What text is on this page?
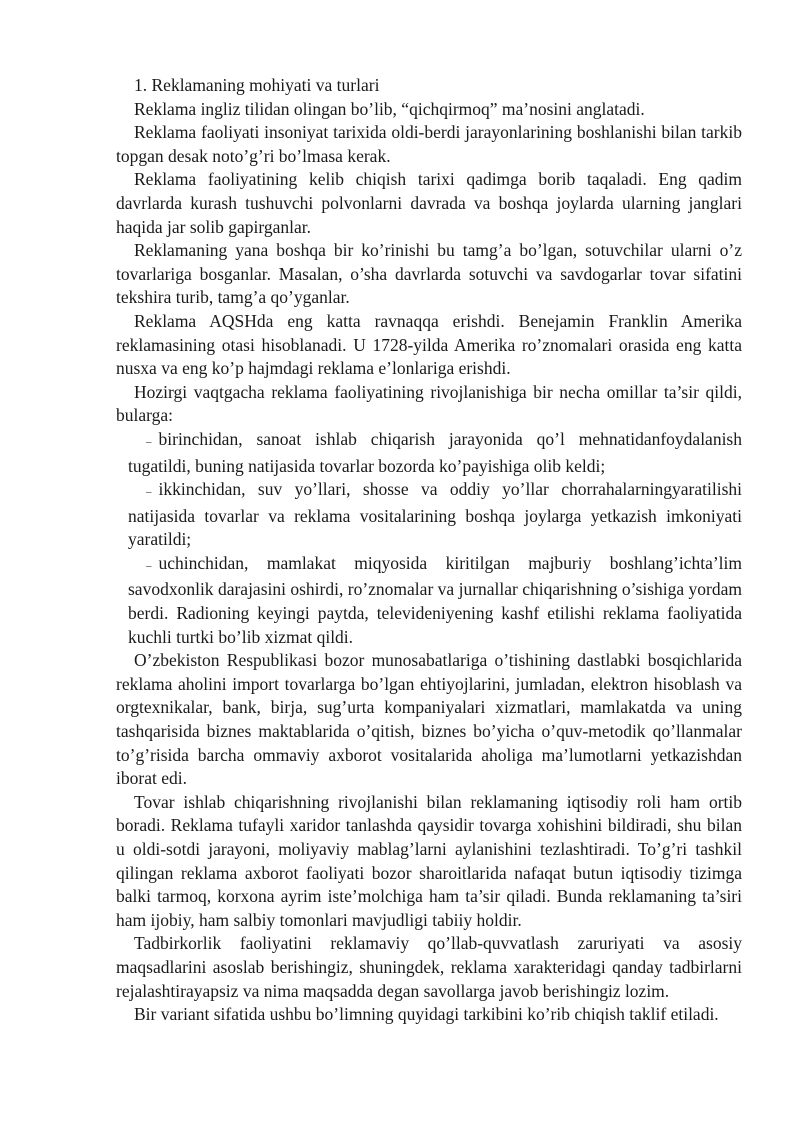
1. Reklamaning mohiyati va turlari

Reklama ingliz tilidan olingan bo’lib, “qichqirmoq” ma’nosini anglatadi.

Reklama faoliyati insoniyat tarixida oldi-berdi jarayonlarining boshlanishi bilan tarkib topgan desak noto’g’ri bo’lmasa kerak.

Reklama faoliyatining kelib chiqish tarixi qadimga borib taqaladi. Eng qadim davrlarda kurash tushuvchi polvonlarni davrada va boshqa joylarda ularning janglari haqida jar solib gapirganlar.

Reklamaning yana boshqa bir ko’rinishi bu tamg’a bo’lgan, sotuvchilar ularni o’z tovarlariga bosganlar. Masalan, o’sha davrlarda sotuvchi va savdogarlar tovar sifatini tekshira turib, tamg’a qo’yganlar.

Reklama AQSHda eng katta ravnaqqa erishdi. Benejamin Franklin Amerika reklamasining otasi hisoblanadi. U 1728-yilda Amerika ro’znomalari orasida eng katta nusxa va eng ko’p hajmdagi reklama e’lonlariga erishdi.

Hozirgi vaqtgacha reklama faoliyatining rivojlanishiga bir necha omillar ta’sir qildi, bularga:

– birinchidan, sanoat ishlab chiqarish jarayonida qo’l mehnatidanfoydalanish tugatildi, buning natijasida tovarlar bozorda ko’payishiga olib keldi;

– ikkinchidan, suv yo’llari, shosse va oddiy yo’llar chorrahalarningyaratilishi natijasida tovarlar va reklama vositalarining boshqa joylarga yetkazish imkoniyati yaratildi;

– uchinchidan, mamlakat miqyosida kiritilgan majburiy boshlang’ichta’lim savodxonlik darajasini oshirdi, ro’znomalar va jurnallar chiqarishning o’sishiga yordam berdi. Radioning keyingi paytda, televideniyening kashf etilishi reklama faoliyatida kuchli turtki bo’lib xizmat qildi.

O’zbekiston Respublikasi bozor munosabatlariga o’tishining dastlabki bosqichlarida reklama aholini import tovarlarga bo’lgan ehtiyojlarini, jumladan, elektron hisoblash va orgtexnikalar, bank, birja, sug’urta kompaniyalari xizmatlari, mamlakatda va uning tashqarisida biznes maktablarida o’qitish, biznes bo’yicha o’quv-metodik qo’llanmalar to’g’risida barcha ommaviy axborot vositalarida aholiga ma’lumotlarni yetkazishdan iborat edi.

Tovar ishlab chiqarishning rivojlanishi bilan reklamaning iqtisodiy roli ham ortib boradi. Reklama tufayli xaridor tanlashda qaysidir tovarga xohishini bildiradi, shu bilan u oldi-sotdi jarayoni, moliyaviy mablag’larni aylanishini tezlashtiradi. To’g’ri tashkil qilingan reklama axborot faoliyati bozor sharoitlarida nafaqat butun iqtisodiy tizimga balki tarmoq, korxona ayrim iste’molchiga ham ta’sir qiladi. Bunda reklamaning ta’siri ham ijobiy, ham salbiy tomonlari mavjudligi tabiiy holdir.

Tadbirkorlik faoliyatini reklamaviy qo’llab-quvvatlash zaruriyati va asosiy maqsadlarini asoslab berishingiz, shuningdek, reklama xarakteridagi qanday tadbirlarni rejalashtirayapsiz va nima maqsadda degan savollarga javob berishingiz lozim.

Bir variant sifatida ushbu bo’limning quyidagi tarkibini ko’rib chiqish taklif etiladi.
